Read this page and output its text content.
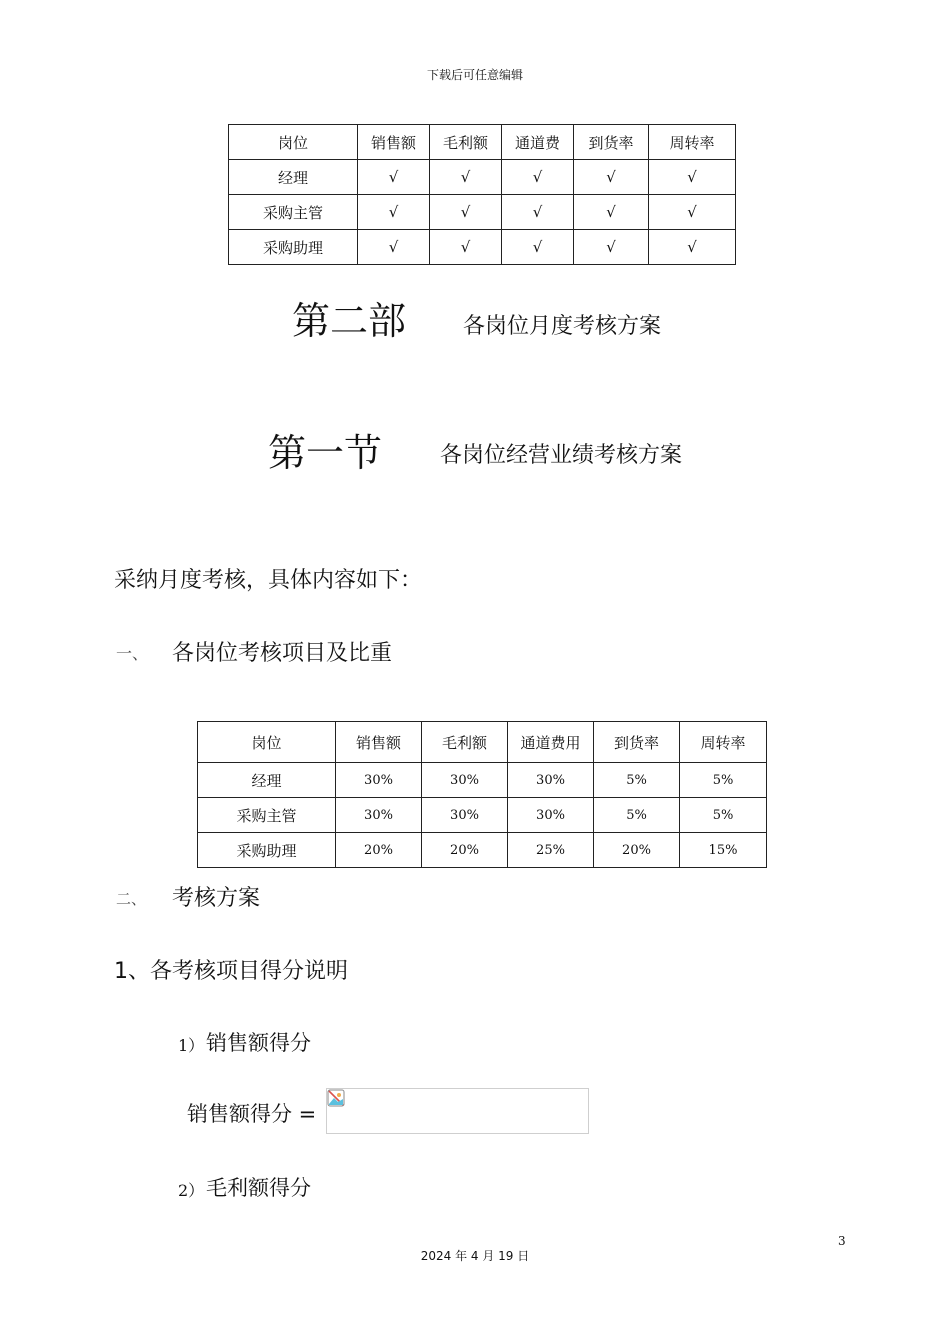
下载后可任意编辑
岗位	销售额	毛利额	通道费	到货率	周转率
经理	√	√	√	√	√
采购主管	√	√	√	√	√
采购助理	√	√	√	√	√
第二部	各岗位月度考核方案
第一节	各岗位经营业绩考核方案
采纳月度考核，具体内容如下：
一、 各岗位考核项目及比重
岗位	销售额	毛利额	通道费用	到货率	周转率
经理	30%	30%	30%	5%	5%
采购主管	30%	30%	30%	5%	5%
采购助理	20%	20%	25%	20%	15%
二、 考核方案
1、各考核项目得分说明
1） 销售额得分
销售额得分 =
2） 毛利额得分
3
2024 年 4 月 19 日
